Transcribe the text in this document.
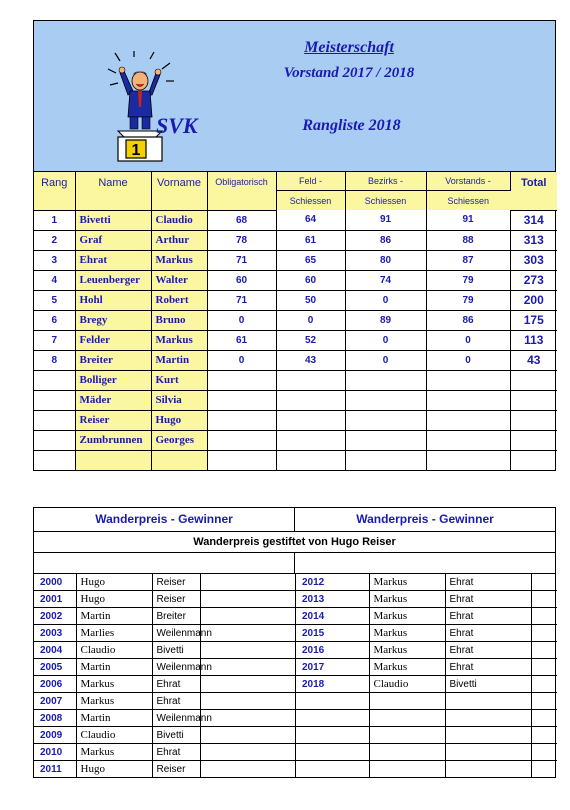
1
SVK
Meisterschaft
Vorstand 2017 / 2018
Rangliste 2018
Rang	Name	Vorname	Obligatorisch	Feld -	Bezirks -	Vorstands -	Total
				Schiessen	Schiessen	Schiessen	
1	Bivetti	Claudio	68	64	91	91	314
2	Graf	Arthur	78	61	86	88	313
3	Ehrat	Markus	71	65	80	87	303
4	Leuenberger	Walter	60	60	74	79	273
5	Hohl	Robert	71	50	0	79	200
6	Bregy	Bruno	0	0	89	86	175
7	Felder	Markus	61	52	0	0	113
8	Breiter	Martin	0	43	0	0	43
	Bolliger	Kurt					
	Mäder	Silvia					
	Reiser	Hugo					
	Zumbrunnen	Georges					

Wanderpreis - Gewinner	Wanderpreis - Gewinner
Wanderpreis gestiftet von Hugo Reiser
2000	Hugo	Reiser	
2001	Hugo	Reiser	
2002	Martin	Breiter	
2003	Marlies	Weilenmann	
2004	Claudio	Bivetti	
2005	Martin	Weilenmann	
2006	Markus	Ehrat	
2007	Markus	Ehrat	
2008	Martin	Weilenmann	
2009	Claudio	Bivetti	
2010	Markus	Ehrat	
2011	Hugo	Reiser	
2012	Markus	Ehrat	
2013	Markus	Ehrat	
2014	Markus	Ehrat	
2015	Markus	Ehrat	
2016	Markus	Ehrat	
2017	Markus	Ehrat	
2018	Claudio	Bivetti	
